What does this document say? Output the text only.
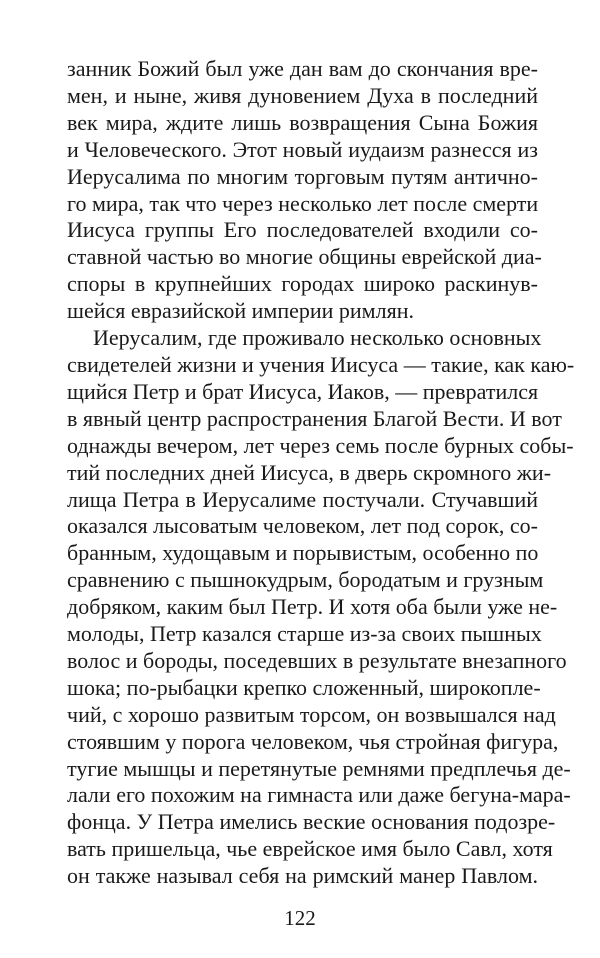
занник Божий был уже дан вам до скончания вре-
мен, и ныне, живя дуновением Духа в последний
век мира, ждите лишь возвращения Сына Божия
и Человеческого. Этот новый иудаизм разнесся из
Иерусалима по многим торговым путям антично-
го мира, так что через несколько лет после смерти
Иисуса группы Его последователей входили со-
ставной частью во многие общины еврейской диа-
споры в крупнейших городах широко раскинув-
шейся евразийской империи римлян.
Иерусалим, где проживало несколько основных
свидетелей жизни и учения Иисуса — такие, как каю-
щийся Петр и брат Иисуса, Иаков, — превратился
в явный центр распространения Благой Вести. И вот
однажды вечером, лет через семь после бурных собы-
тий последних дней Иисуса, в дверь скромного жи-
лища Петра в Иерусалиме постучали. Стучавший
оказался лысоватым человеком, лет под сорок, со-
бранным, худощавым и порывистым, особенно по
сравнению с пышнокудрым, бородатым и грузным
добряком, каким был Петр. И хотя оба были уже не-
молоды, Петр казался старше из-за своих пышных
волос и бороды, поседевших в результате внезапного
шока; по-рыбацки крепко сложенный, широкопле-
чий, с хорошо развитым торсом, он возвышался над
стоявшим у порога человеком, чья стройная фигура,
тугие мышцы и перетянутые ремнями предплечья де-
лали его похожим на гимнаста или даже бегуна-мара-
фонца. У Петра имелись веские основания подозре-
вать пришельца, чье еврейское имя было Савл, хотя
он также называл себя на римский манер Павлом.
122
